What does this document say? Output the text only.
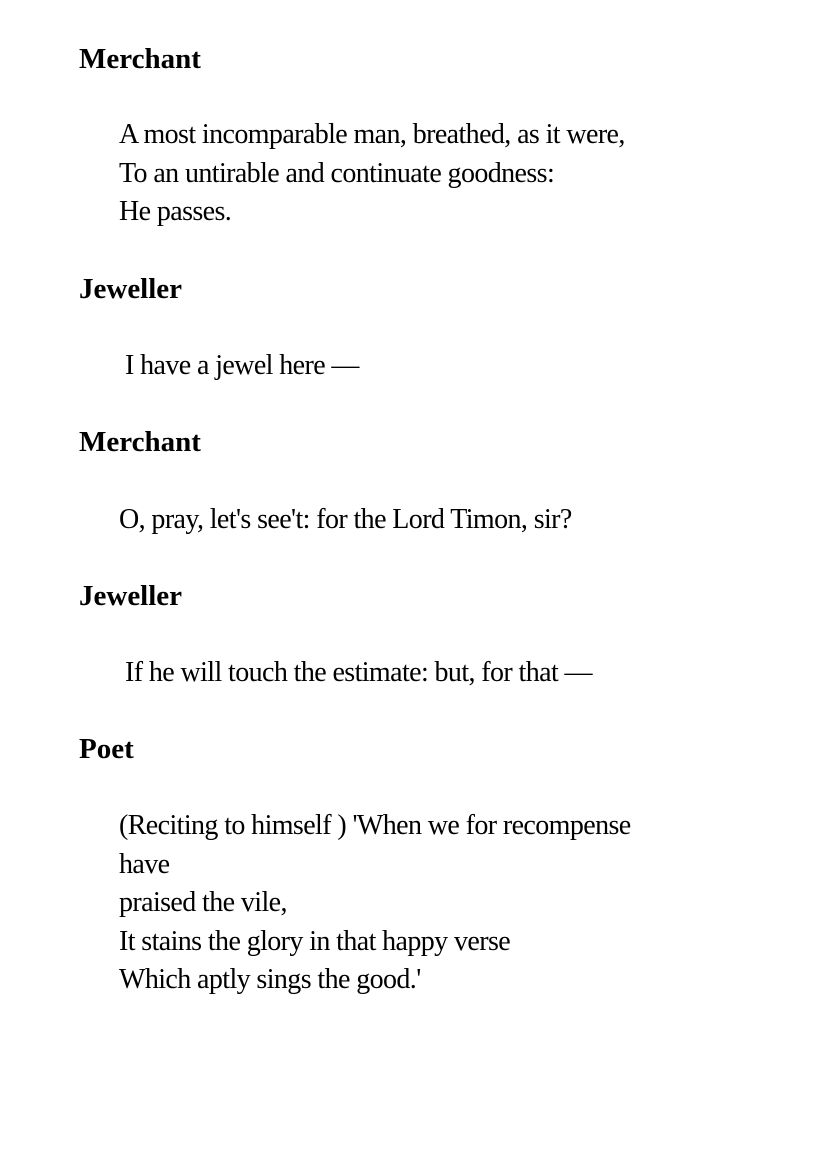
Merchant
A most incomparable man, breathed, as it were,
To an untirable and continuate goodness:
He passes.
Jeweller
I have a jewel here —
Merchant
O, pray, let's see't: for the Lord Timon, sir?
Jeweller
If he will touch the estimate: but, for that —
Poet
(Reciting to himself ) 'When we for recompense
have
praised the vile,
It stains the glory in that happy verse
Which aptly sings the good.'
